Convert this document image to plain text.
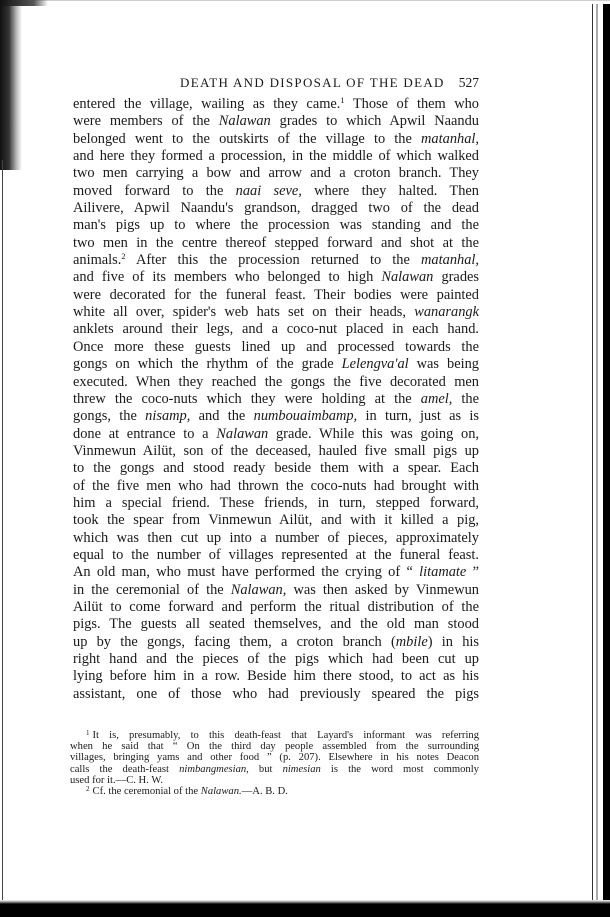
DEATH AND DISPOSAL OF THE DEAD 527
entered the village, wailing as they came.$^1$ Those of them who
were members of the Nalawan grades to which Apwil Naandu
belonged went to the outskirts of the village to the matanhal,
and here they formed a procession, in the middle of which walked
two men carrying a bow and arrow and a croton branch. They
moved forward to the naai seve, where they halted. Then
Ailivere, Apwil Naandu's grandson, dragged two of the dead
man's pigs up to where the procession was standing and the
two men in the centre thereof stepped forward and shot at the
animals.$^2$ After this the procession returned to the matanhal,
and five of its members who belonged to high Nalawan grades
were decorated for the funeral feast. Their bodies were painted
white all over, spider's web hats set on their heads, wanarangk
anklets around their legs, and a coco-nut placed in each hand.
Once more these guests lined up and processed towards the
gongs on which the rhythm of the grade Lelengva'al was being
executed. When they reached the gongs the five decorated men
threw the coco-nuts which they were holding at the amel, the
gongs, the nisamp, and the numbouaimbamp, in turn, just as is
done at entrance to a Nalawan grade. While this was going on,
Vinmewun Ailüt, son of the deceased, hauled five small pigs up
to the gongs and stood ready beside them with a spear. Each
of the five men who had thrown the coco-nuts had brought with
him a special friend. These friends, in turn, stepped forward,
took the spear from Vinmewun Ailüt, and with it killed a pig,
which was then cut up into a number of pieces, approximately
equal to the number of villages represented at the funeral feast.
An old man, who must have performed the crying of “ litamate ”
in the ceremonial of the Nalawan, was then asked by Vinmewun
Ailüt to come forward and perform the ritual distribution of the
pigs. The guests all seated themselves, and the old man stood
up by the gongs, facing them, a croton branch (mbile) in his
right hand and the pieces of the pigs which had been cut up
lying before him in a row. Beside him there stood, to act as his
assistant, one of those who had previously speared the pigs
$^1$ It is, presumably, to this death-feast that Layard's informant was referring
when he said that “ On the third day people assembled from the surrounding
villages, bringing yams and other food ” (p. 207). Elsewhere in his notes Deacon
calls the death-feast nimbangmesian, but nimesian is the word most commonly
used for it.—C. H. W.
$^2$ Cf. the ceremonial of the Nalawan.—A. B. D.
